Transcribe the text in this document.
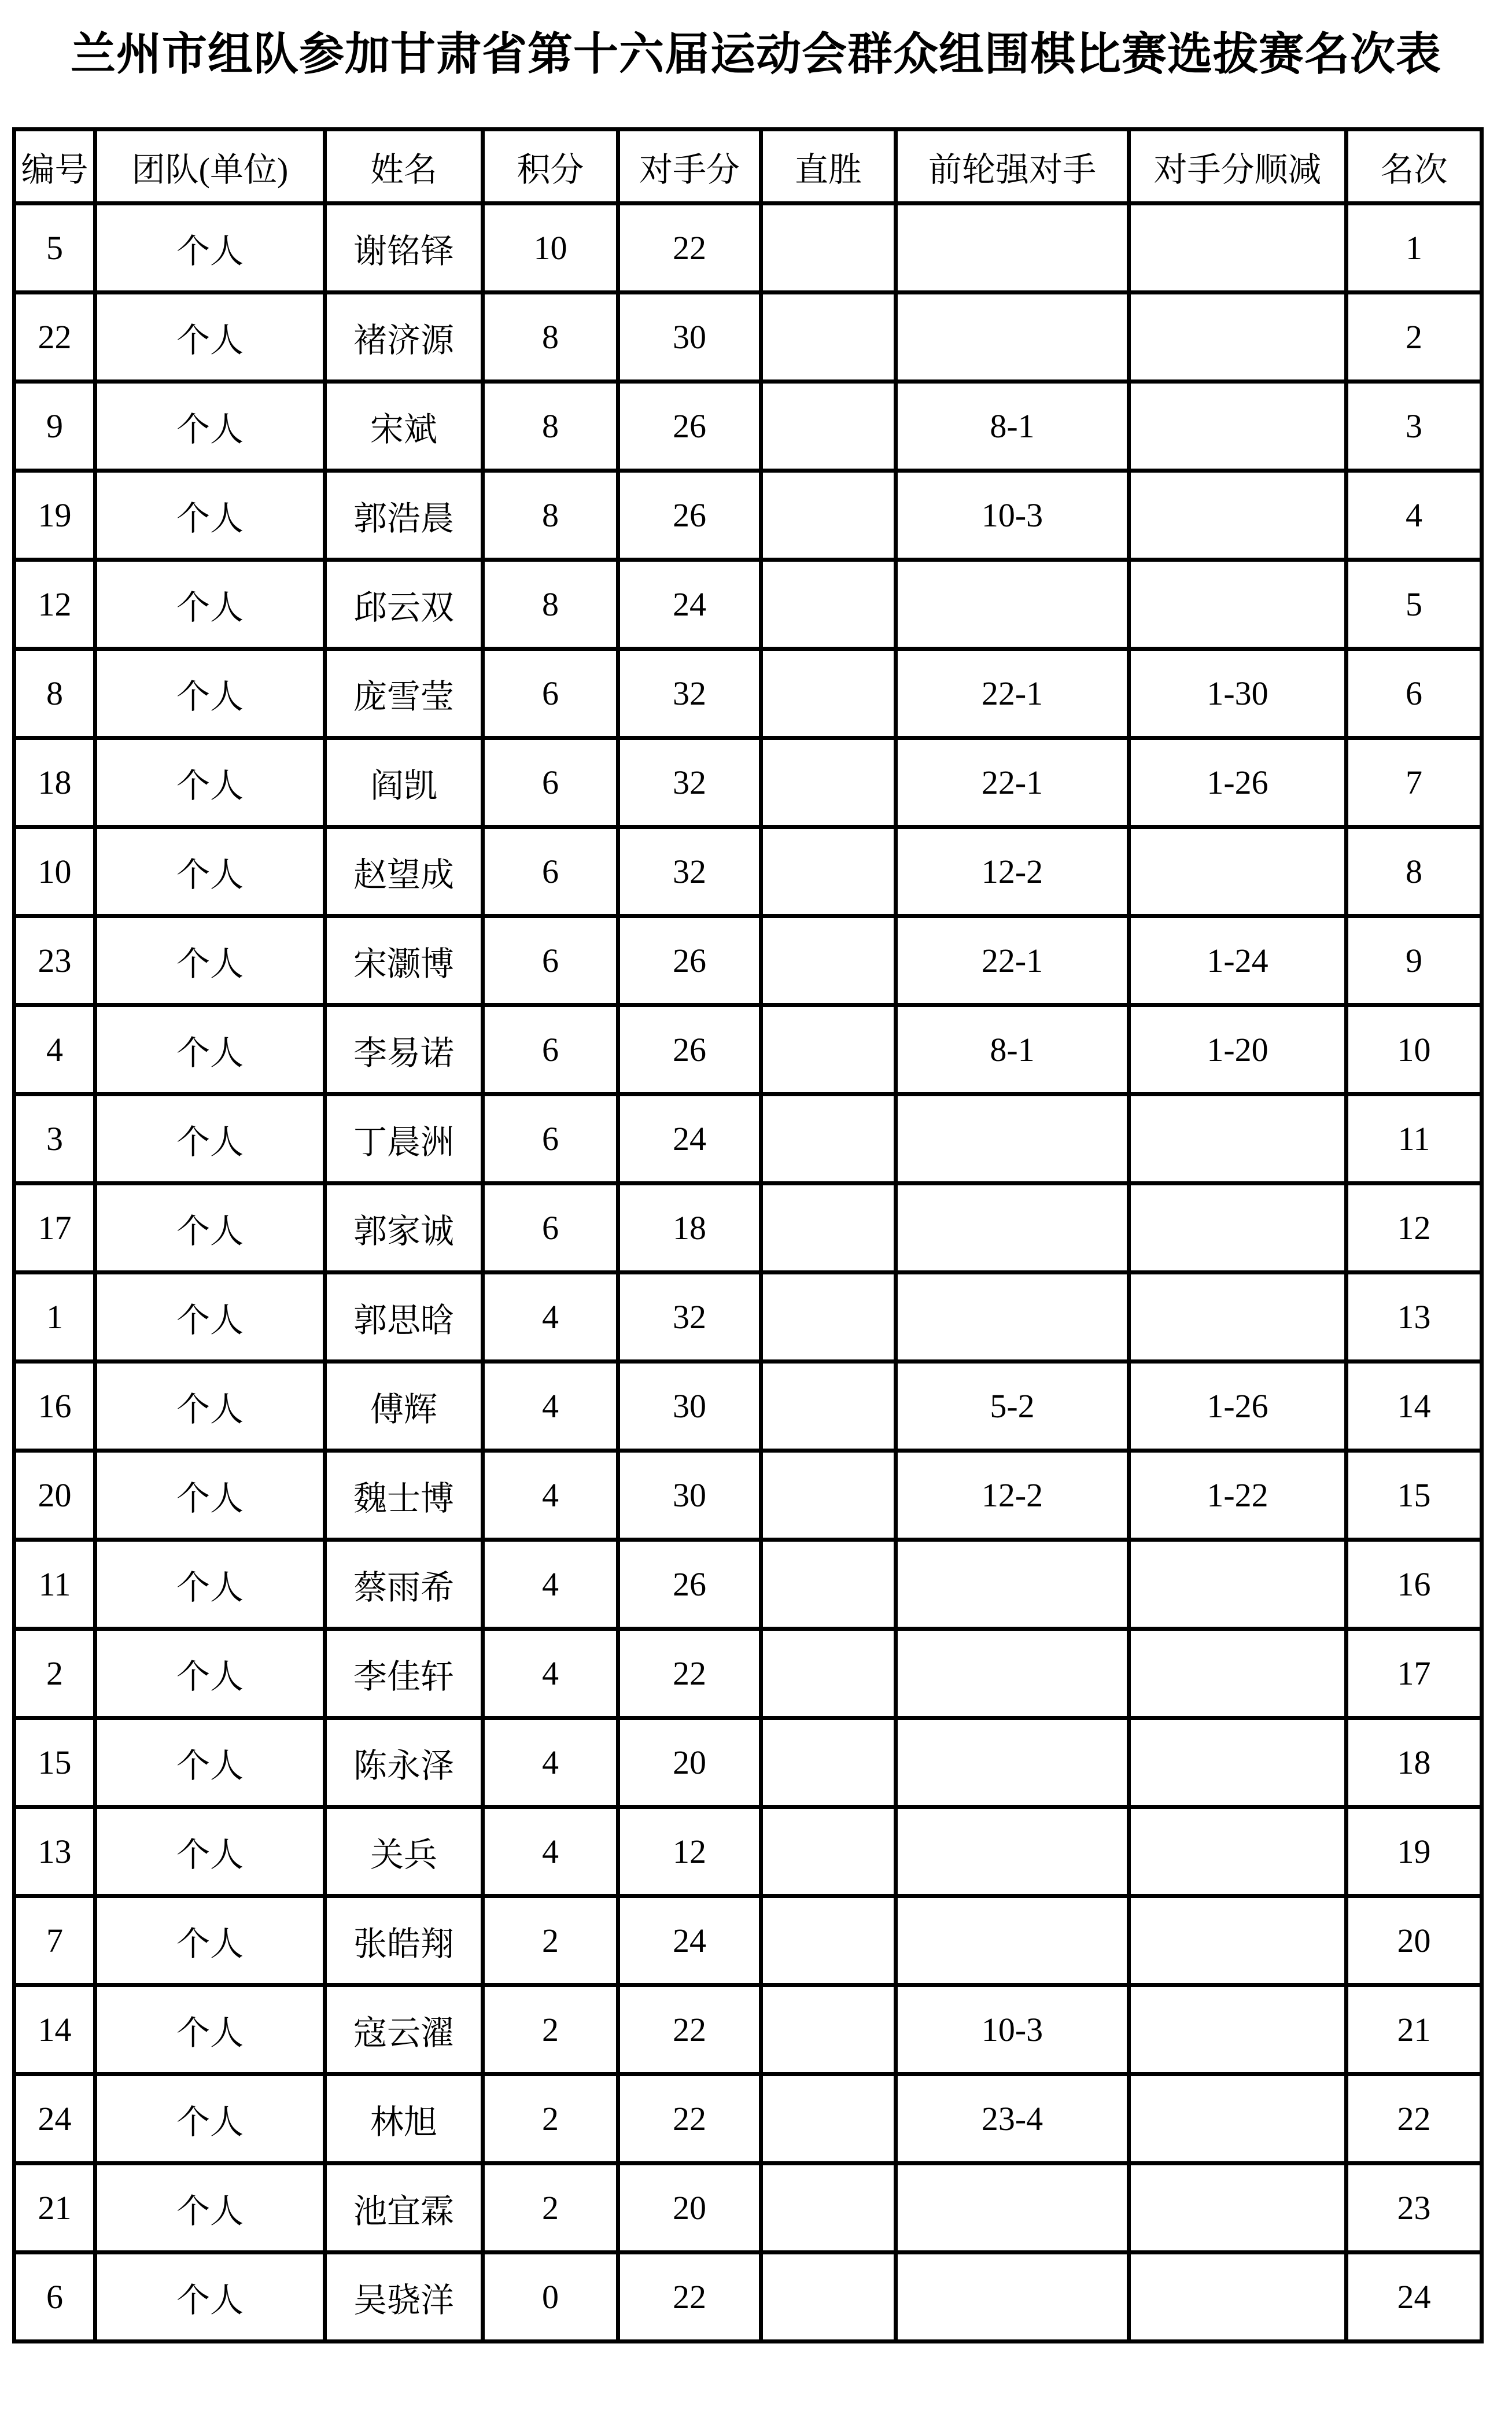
兰州市组队参加甘肃省第十六届运动会群众组围棋比赛选拔赛名次表
编号	团队(单位)	姓名	积分	对手分	直胜	前轮强对手	对手分顺减	名次
5	个人	谢铭铎	10	22				1
22	个人	褚济源	8	30				2
9	个人	宋斌	8	26		8-1		3
19	个人	郭浩晨	8	26		10-3		4
12	个人	邱云双	8	24				5
8	个人	庞雪莹	6	32		22-1	1-30	6
18	个人	阎凯	6	32		22-1	1-26	7
10	个人	赵望成	6	32		12-2		8
23	个人	宋灏博	6	26		22-1	1-24	9
4	个人	李易诺	6	26		8-1	1-20	10
3	个人	丁晨洲	6	24				11
17	个人	郭家诚	6	18				12
1	个人	郭思晗	4	32				13
16	个人	傅辉	4	30		5-2	1-26	14
20	个人	魏士博	4	30		12-2	1-22	15
11	个人	蔡雨希	4	26				16
2	个人	李佳轩	4	22				17
15	个人	陈永泽	4	20				18
13	个人	关兵	4	12				19
7	个人	张皓翔	2	24				20
14	个人	寇云濯	2	22		10-3		21
24	个人	林旭	2	22		23-4		22
21	个人	池宜霖	2	20				23
6	个人	吴骁洋	0	22				24
